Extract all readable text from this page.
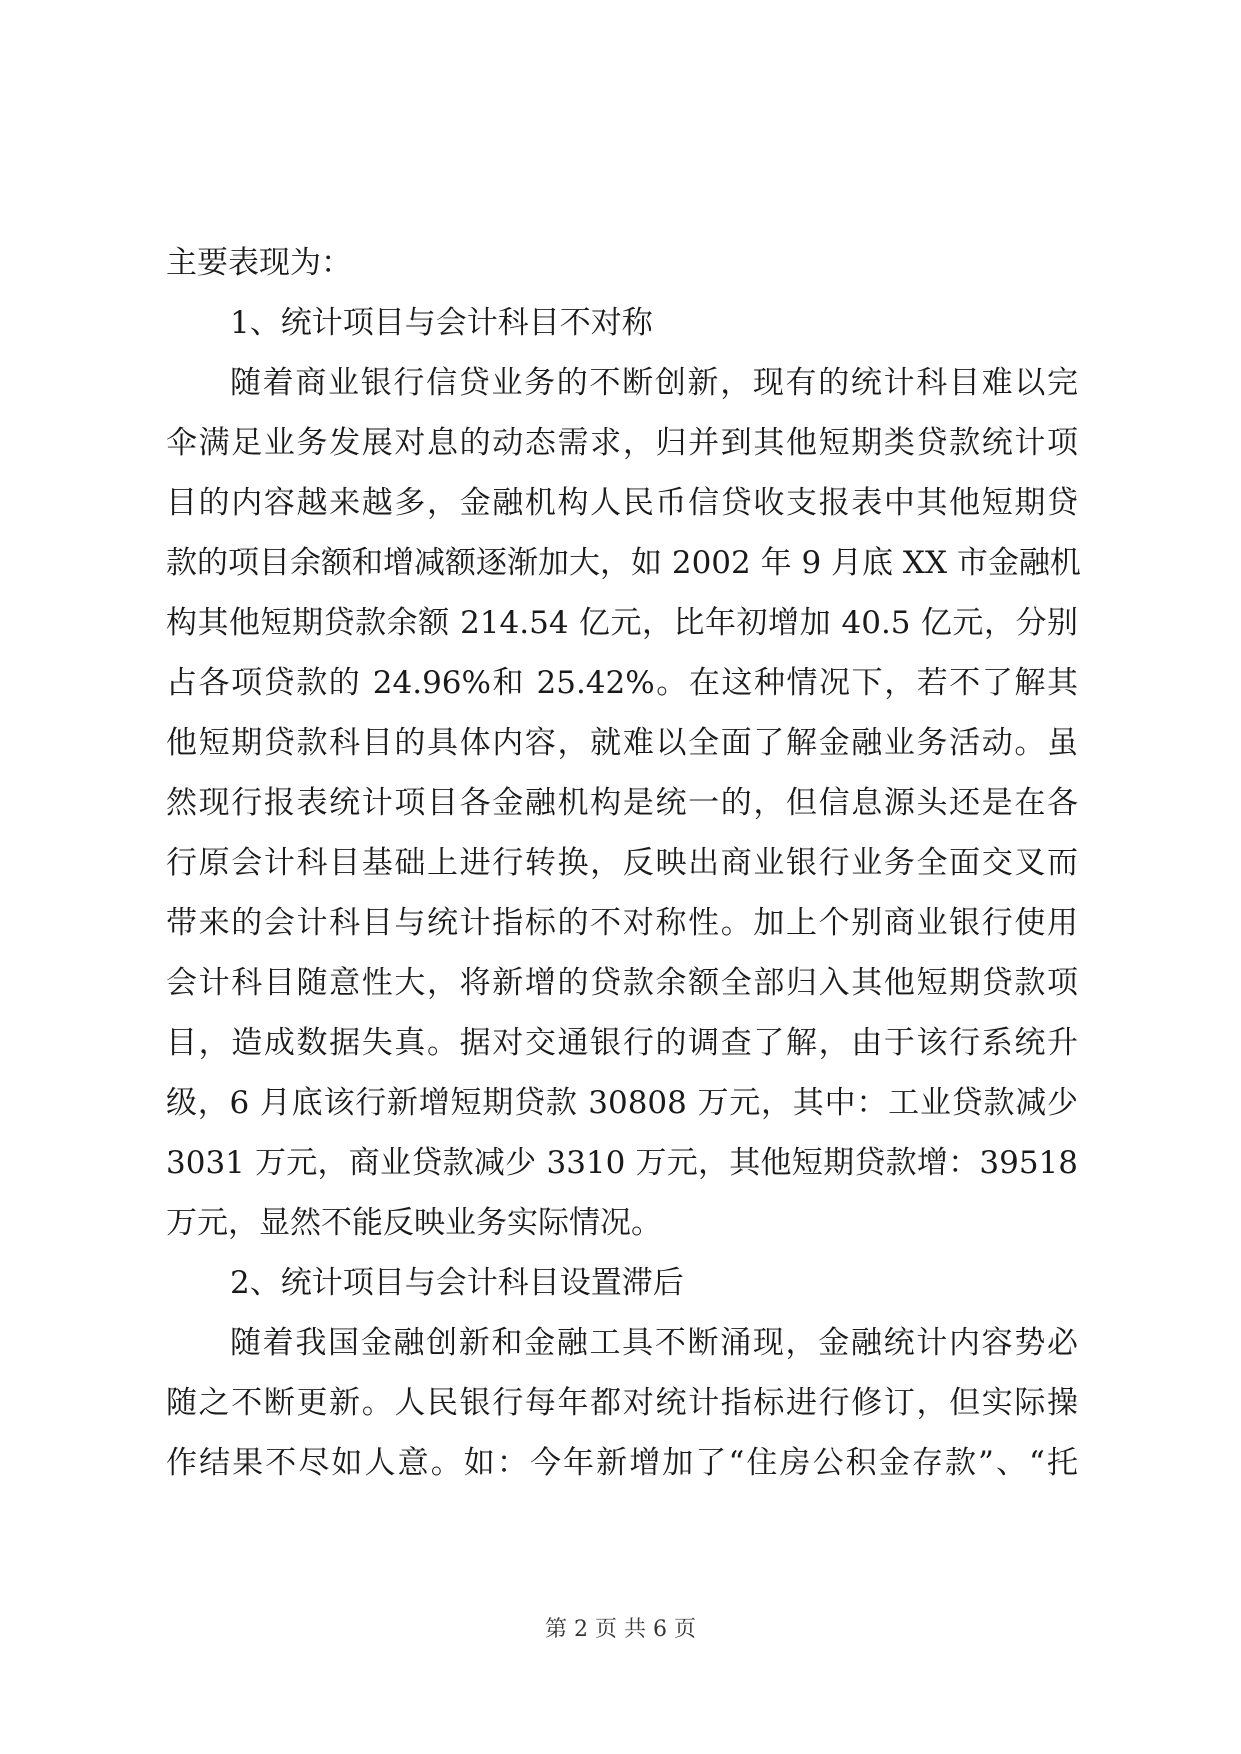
主要表现为：
1、统计项目与会计科目不对称
随着商业银行信贷业务的不断创新，现有的统计科目难以完
伞满足业务发展对息的动态需求，归并到其他短期类贷款统计项
目的内容越来越多，金融机构人民币信贷收支报表中其他短期贷
款的项目余额和增减额逐渐加大，如 2002 年 9 月底 XX 市金融机
构其他短期贷款余额 214.54 亿元，比年初增加 40.5 亿元，分别
占各项贷款的 24.96%和 25.42%。在这种情况下，若不了解其
他短期贷款科目的具体内容，就难以全面了解金融业务活动。虽
然现行报表统计项目各金融机构是统一的，但信息源头还是在各
行原会计科目基础上进行转换，反映出商业银行业务全面交叉而
带来的会计科目与统计指标的不对称性。加上个别商业银行使用
会计科目随意性大，将新增的贷款余额全部归入其他短期贷款项
目，造成数据失真。据对交通银行的调查了解，由于该行系统升
级，6 月底该行新增短期贷款 30808 万元，其中：工业贷款减少
3031 万元，商业贷款减少 3310 万元，其他短期贷款增：39518
万元，显然不能反映业务实际情况。
2、统计项目与会计科目设置滞后
随着我国金融创新和金融工具不断涌现，金融统计内容势必
随之不断更新。人民银行每年都对统计指标进行修订，但实际操
作结果不尽如人意。如：今年新增加了“住房公积金存款”、“托
第 2 页 共 6 页
